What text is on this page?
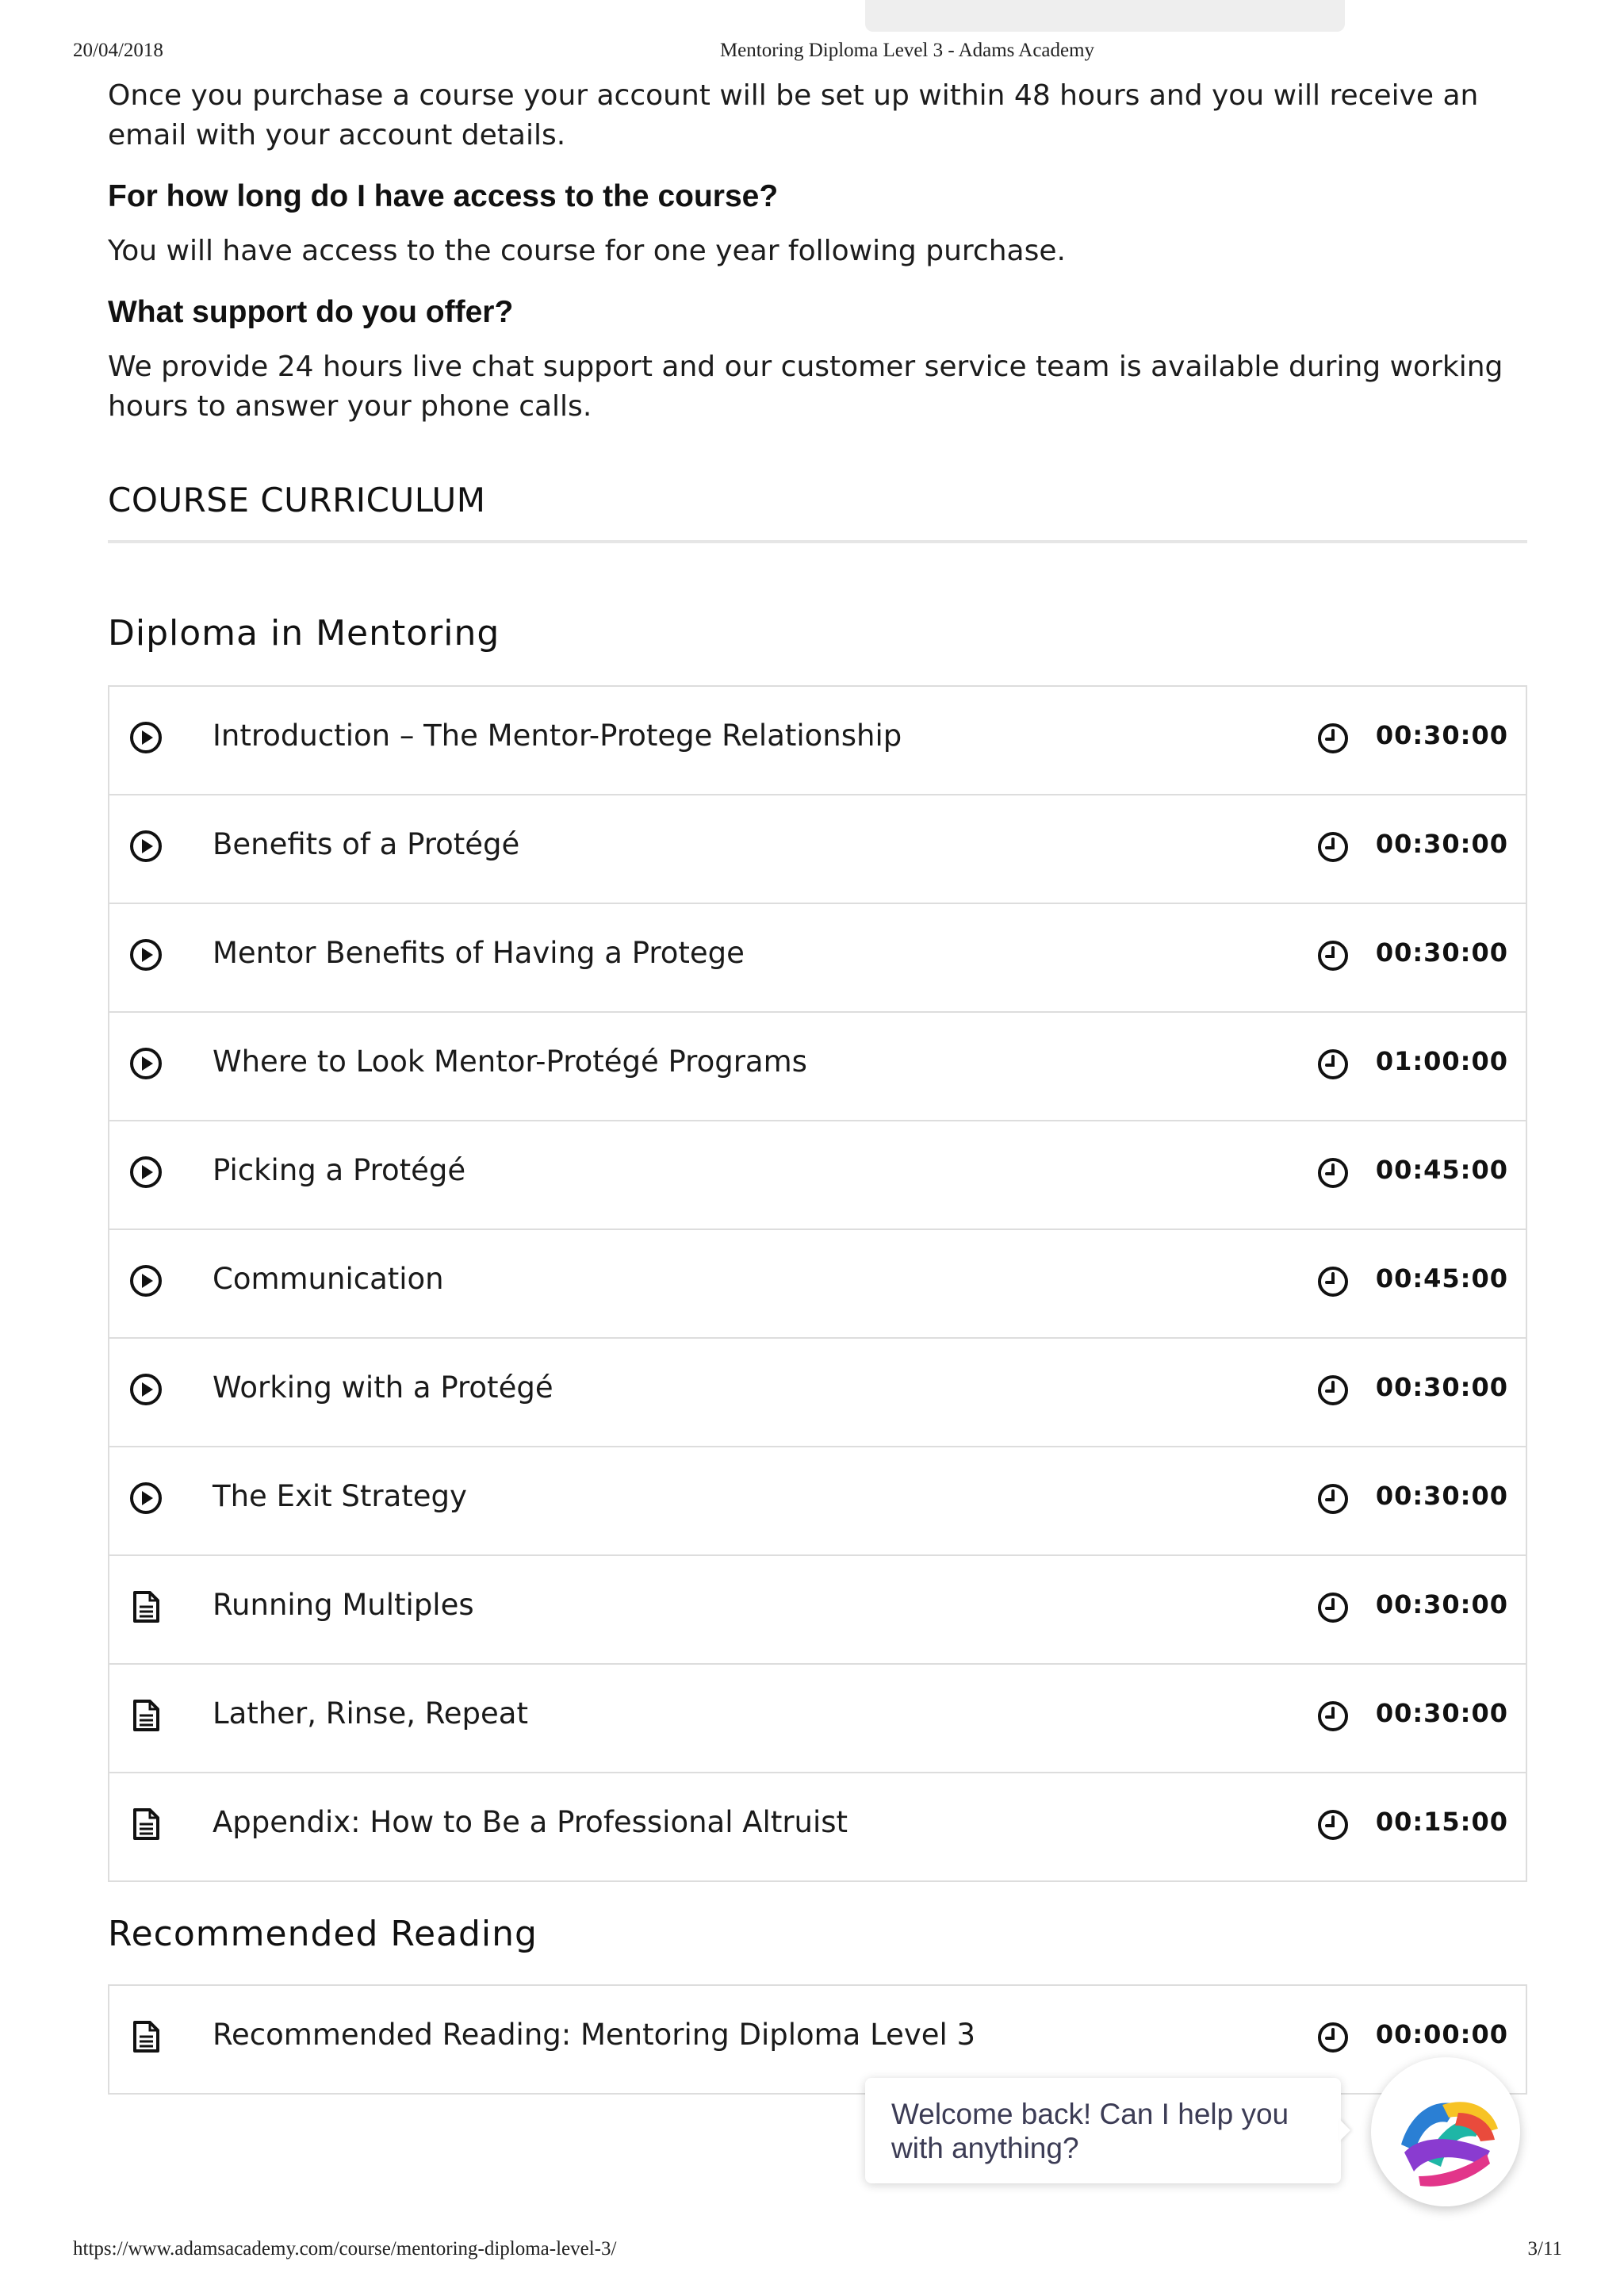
20/04/2018	Mentoring Diploma Level 3 - Adams Academy

Once you purchase a course your account will be set up within 48 hours and you will receive an email with your account details.

For how long do I have access to the course?

You will have access to the course for one year following purchase.

What support do you offer?

We provide 24 hours live chat support and our customer service team is available during working hours to answer your phone calls.

COURSE CURRICULUM

Diploma in Mentoring

Introduction – The Mentor-Protege Relationship	00:30:00
Benefits of a Protégé	00:30:00
Mentor Benefits of Having a Protege	00:30:00
Where to Look Mentor-Protégé Programs	01:00:00
Picking a Protégé	00:45:00
Communication	00:45:00
Working with a Protégé	00:30:00
The Exit Strategy	00:30:00
Running Multiples	00:30:00
Lather, Rinse, Repeat	00:30:00
Appendix: How to Be a Professional Altruist	00:15:00

Recommended Reading

Recommended Reading: Mentoring Diploma Level 3	00:00:00
Welcome back! Can I help you with anything?
https://www.adamsacademy.com/course/mentoring-diploma-level-3/	3/11
